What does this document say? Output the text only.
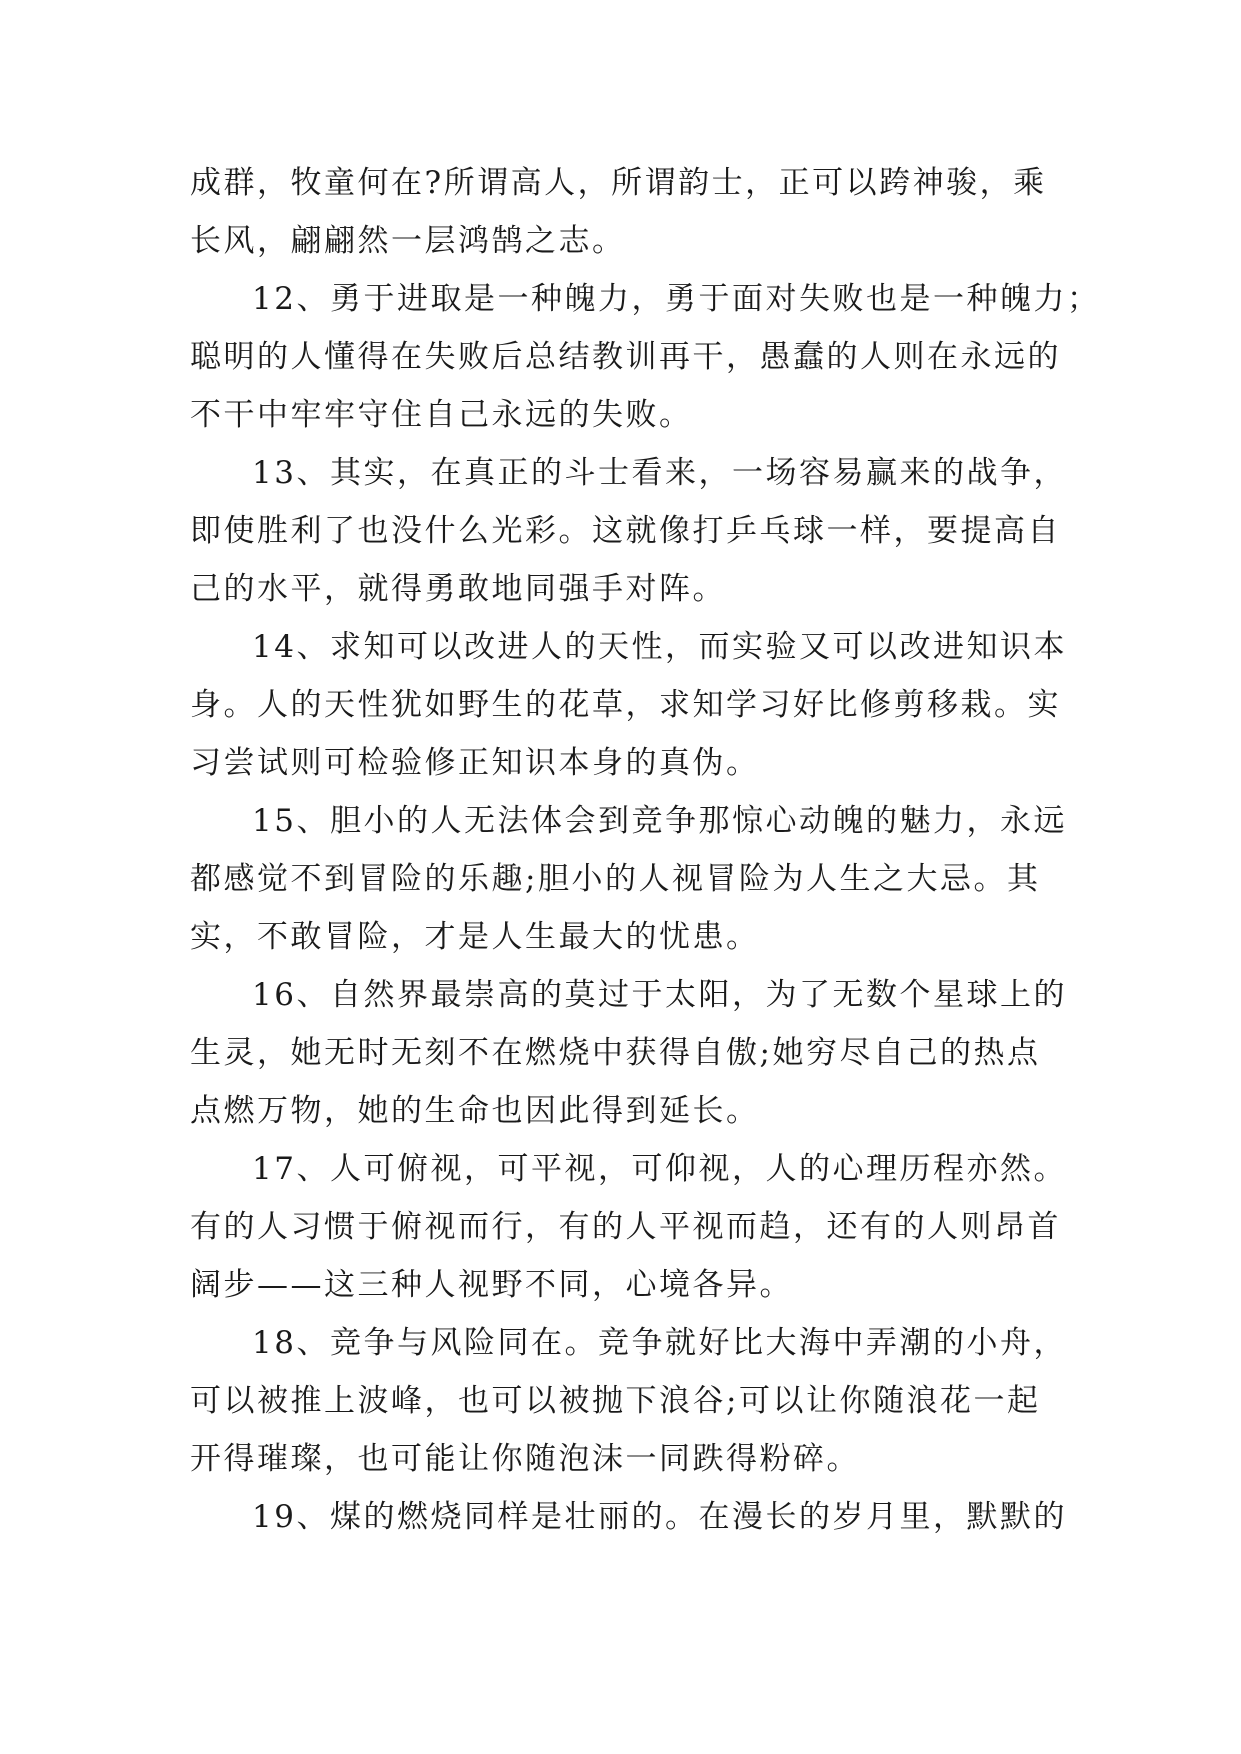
成群，牧童何在?所谓高人，所谓韵士，正可以跨神骏，乘
长风，翩翩然一层鸿鹄之志。
12、勇于进取是一种魄力，勇于面对失败也是一种魄力；
聪明的人懂得在失败后总结教训再干，愚蠢的人则在永远的
不干中牢牢守住自己永远的失败。
13、其实，在真正的斗士看来，一场容易赢来的战争，
即使胜利了也没什么光彩。这就像打乒乓球一样，要提高自
己的水平，就得勇敢地同强手对阵。
14、求知可以改进人的天性，而实验又可以改进知识本
身。人的天性犹如野生的花草，求知学习好比修剪移栽。实
习尝试则可检验修正知识本身的真伪。
15、胆小的人无法体会到竞争那惊心动魄的魅力，永远
都感觉不到冒险的乐趣;胆小的人视冒险为人生之大忌。其
实，不敢冒险，才是人生最大的忧患。
16、自然界最崇高的莫过于太阳，为了无数个星球上的
生灵，她无时无刻不在燃烧中获得自傲;她穷尽自己的热点
点燃万物，她的生命也因此得到延长。
17、人可俯视，可平视，可仰视，人的心理历程亦然。
有的人习惯于俯视而行，有的人平视而趋，还有的人则昂首
阔步——这三种人视野不同，心境各异。
18、竞争与风险同在。竞争就好比大海中弄潮的小舟，
可以被推上波峰，也可以被抛下浪谷;可以让你随浪花一起
开得璀璨，也可能让你随泡沫一同跌得粉碎。
19、煤的燃烧同样是壮丽的。在漫长的岁月里，默默的
